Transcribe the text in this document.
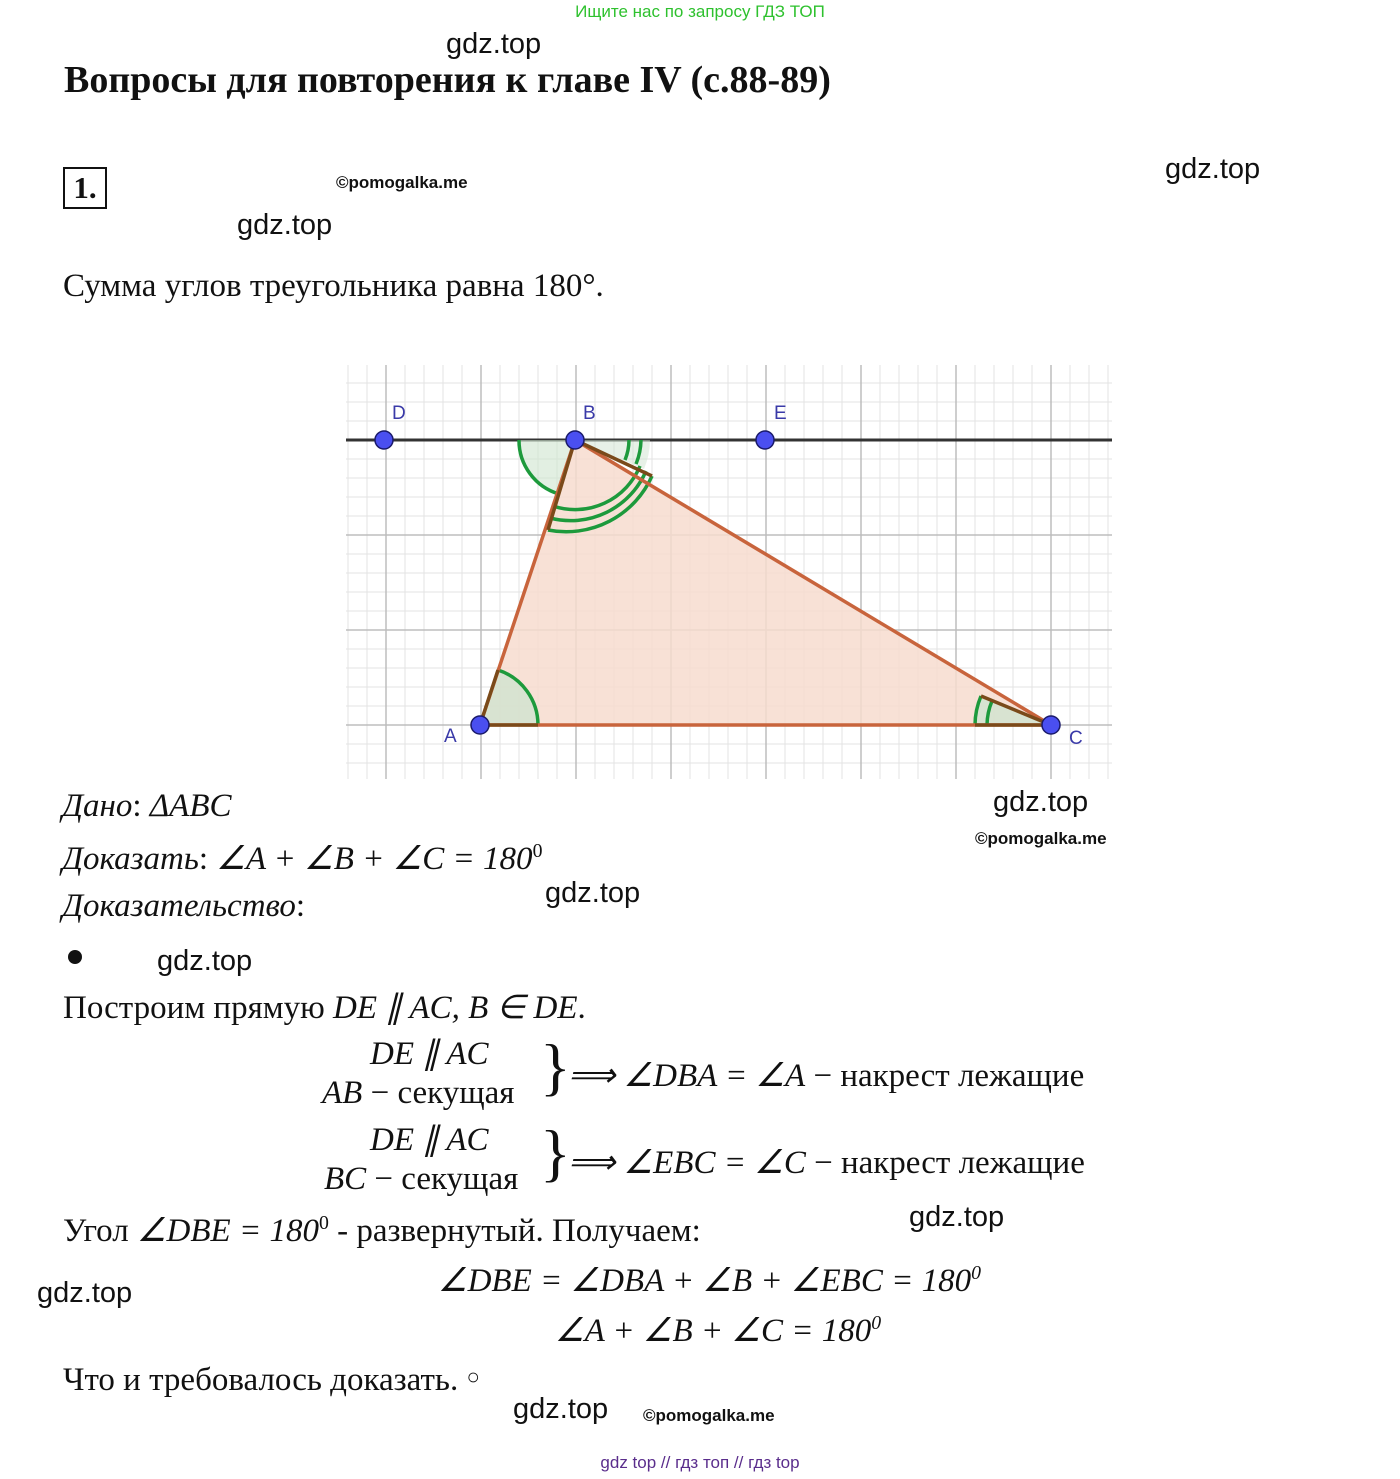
Ищите нас по запросу ГДЗ ТОП
gdz.top
Вопросы для повторения к главе IV (с.88-89)
1.	©pomogalka.me	gdz.top
gdz.top
Сумма углов треугольника равна 180°.
D	B	E
A	C
gdz.top
©pomogalka.me
Дано: ΔABC
Доказать: ∠A + ∠B + ∠C = $180^0$
Доказательство:	gdz.top
gdz.top
Построим прямую DE ∥ AC, B ∈ DE.
DE ∥ AC
AB − секущая }
⟹ ∠DBA = ∠A − накрест лежащие
DE ∥ AC
BC − секущая }
⟹ ∠EBC = ∠C − накрест лежащие
Угол ∠DBE = $180^0$ - развернутый. Получаем:	gdz.top
gdz.top	∠DBE = ∠DBA + ∠B + ∠EBC = $180^0$
∠A + ∠B + ∠C = $180^0$
Что и требовалось доказать. ○
gdz.top ©pomogalka.me
gdz top // гдз топ // гдз top
